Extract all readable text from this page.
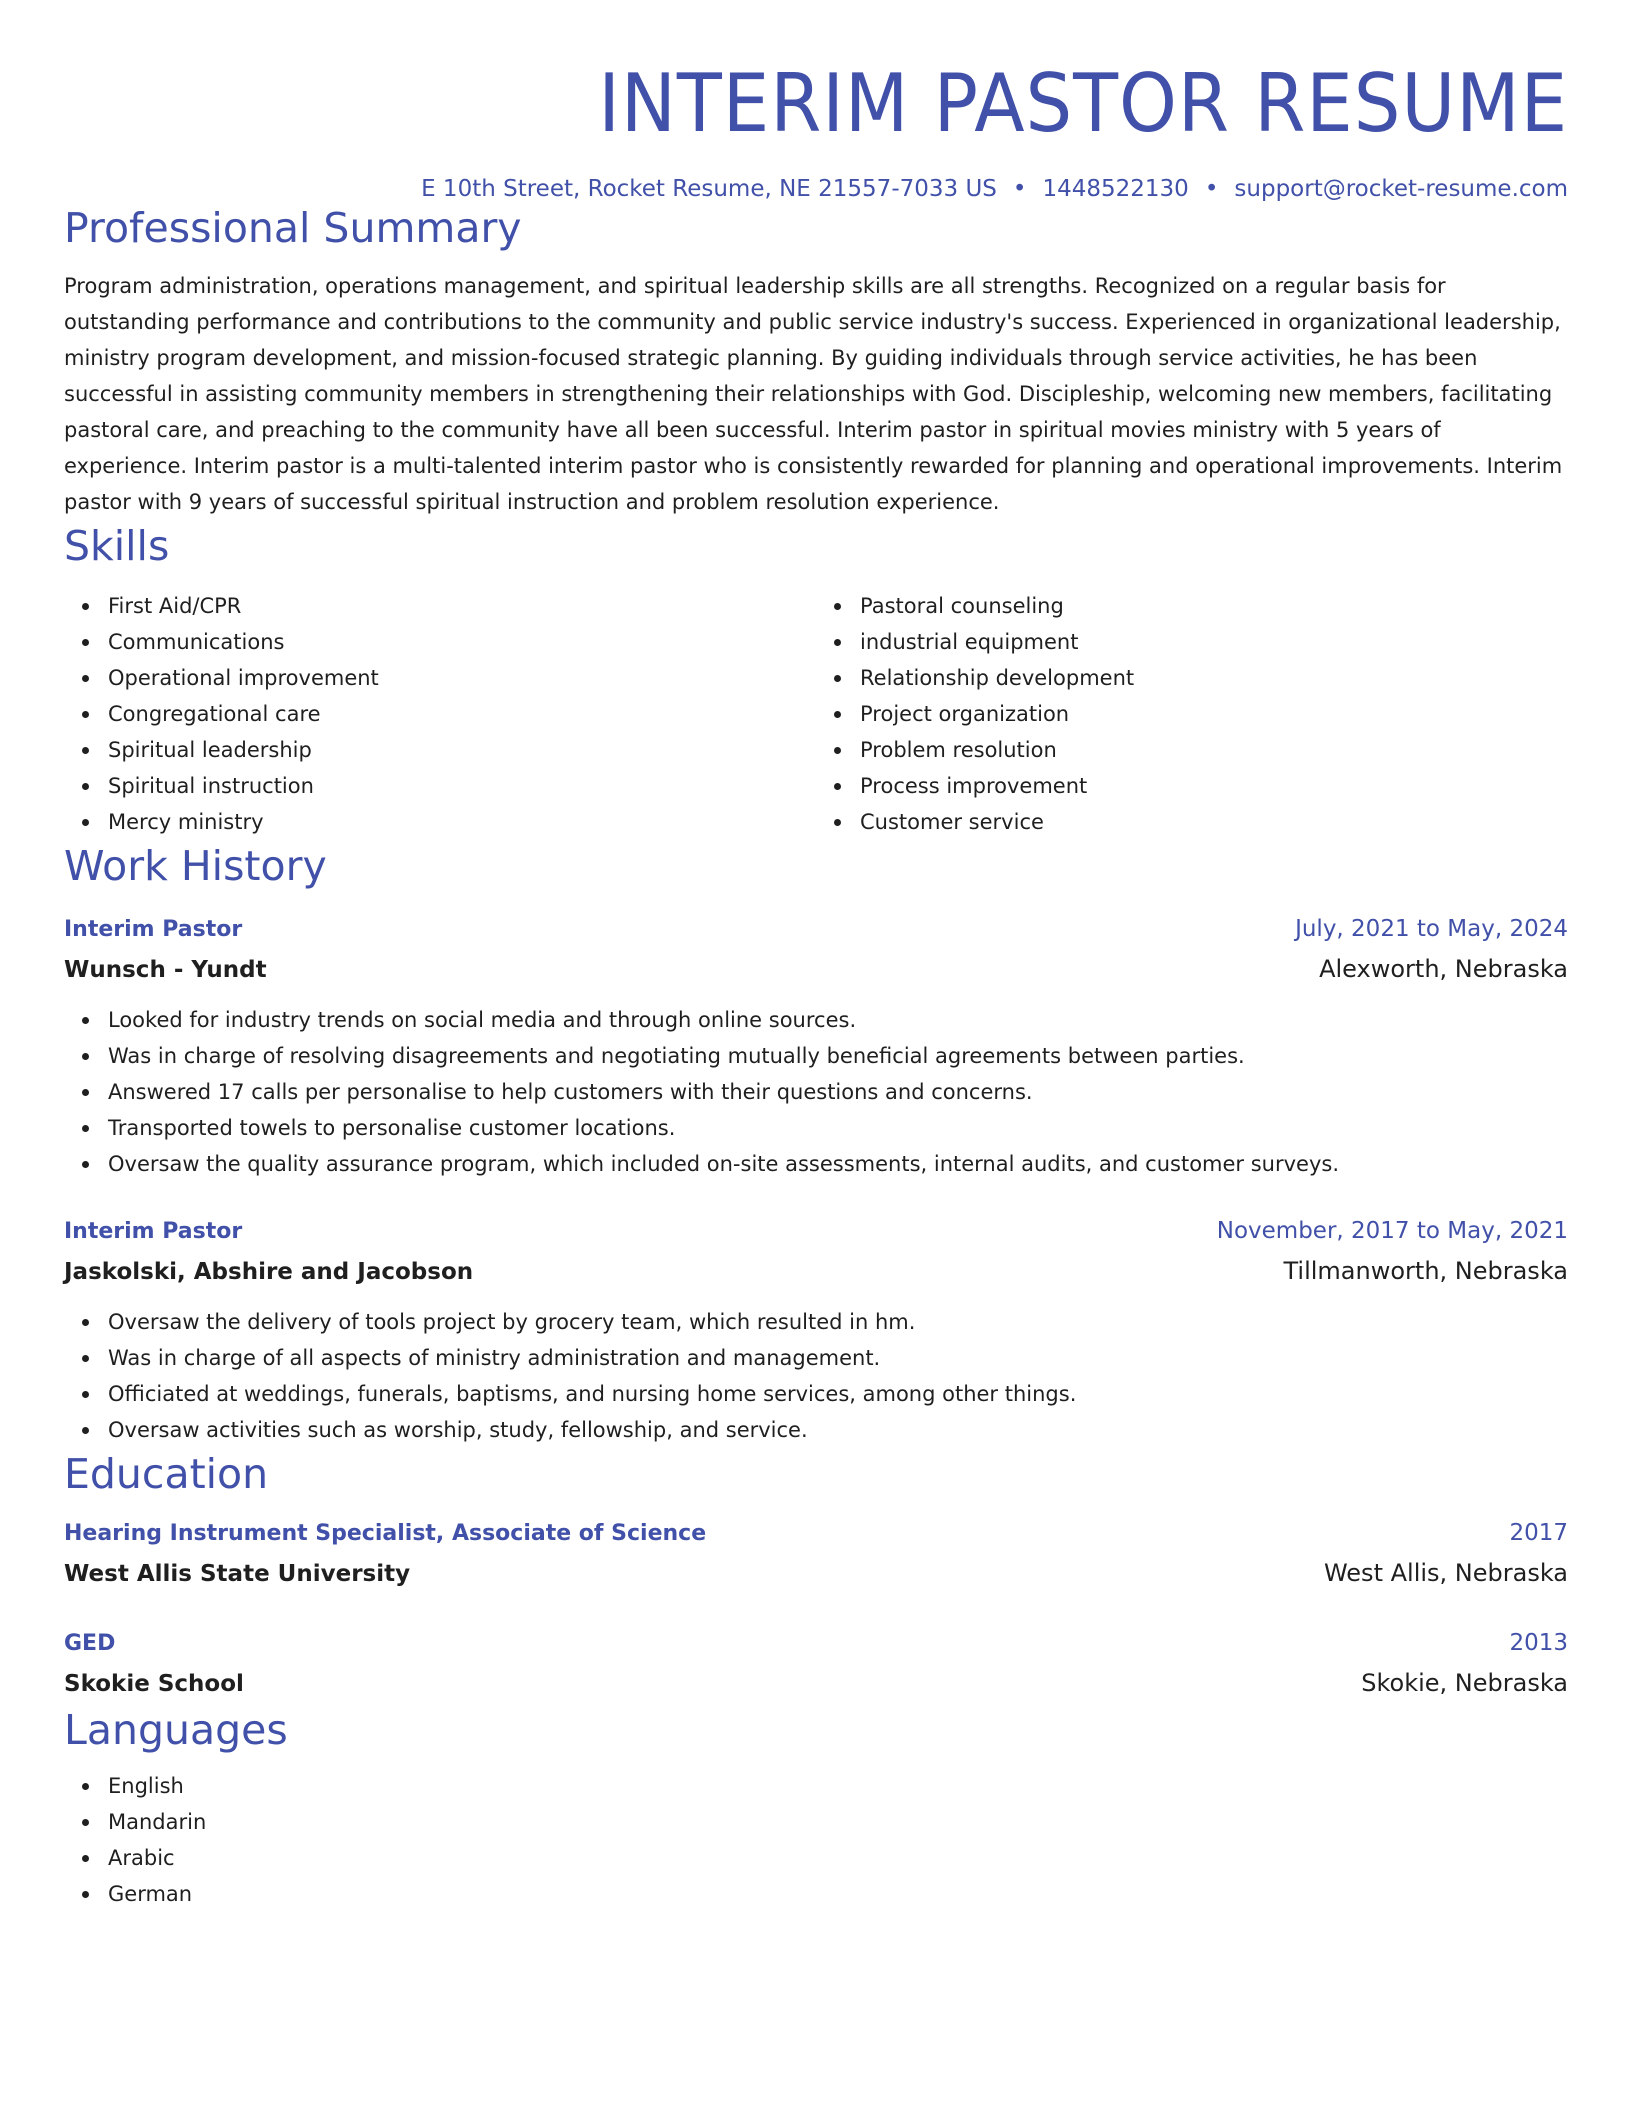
INTERIM PASTOR RESUME
E 10th Street, Rocket Resume, NE 21557-7033 US • 1448522130 • support@rocket-resume.com
Professional Summary
Program administration, operations management, and spiritual leadership skills are all strengths. Recognized on a regular basis for outstanding performance and contributions to the community and public service industry's success. Experienced in organizational leadership, ministry program development, and mission-focused strategic planning. By guiding individuals through service activities, he has been successful in assisting community members in strengthening their relationships with God. Discipleship, welcoming new members, facilitating pastoral care, and preaching to the community have all been successful. Interim pastor in spiritual movies ministry with 5 years of experience. Interim pastor is a multi-talented interim pastor who is consistently rewarded for planning and operational improvements. Interim pastor with 9 years of successful spiritual instruction and problem resolution experience.
Skills
First Aid/CPR
Communications
Operational improvement
Congregational care
Spiritual leadership
Spiritual instruction
Mercy ministry
Pastoral counseling
industrial equipment
Relationship development
Project organization
Problem resolution
Process improvement
Customer service
Work History
Interim Pastor	July, 2021 to May, 2024
Wunsch - Yundt	Alexworth, Nebraska
Looked for industry trends on social media and through online sources.
Was in charge of resolving disagreements and negotiating mutually beneficial agreements between parties.
Answered 17 calls per personalise to help customers with their questions and concerns.
Transported towels to personalise customer locations.
Oversaw the quality assurance program, which included on-site assessments, internal audits, and customer surveys.
Interim Pastor	November, 2017 to May, 2021
Jaskolski, Abshire and Jacobson	Tillmanworth, Nebraska
Oversaw the delivery of tools project by grocery team, which resulted in hm.
Was in charge of all aspects of ministry administration and management.
Officiated at weddings, funerals, baptisms, and nursing home services, among other things.
Oversaw activities such as worship, study, fellowship, and service.
Education
Hearing Instrument Specialist, Associate of Science	2017
West Allis State University	West Allis, Nebraska
GED	2013
Skokie School	Skokie, Nebraska
Languages
English
Mandarin
Arabic
German
